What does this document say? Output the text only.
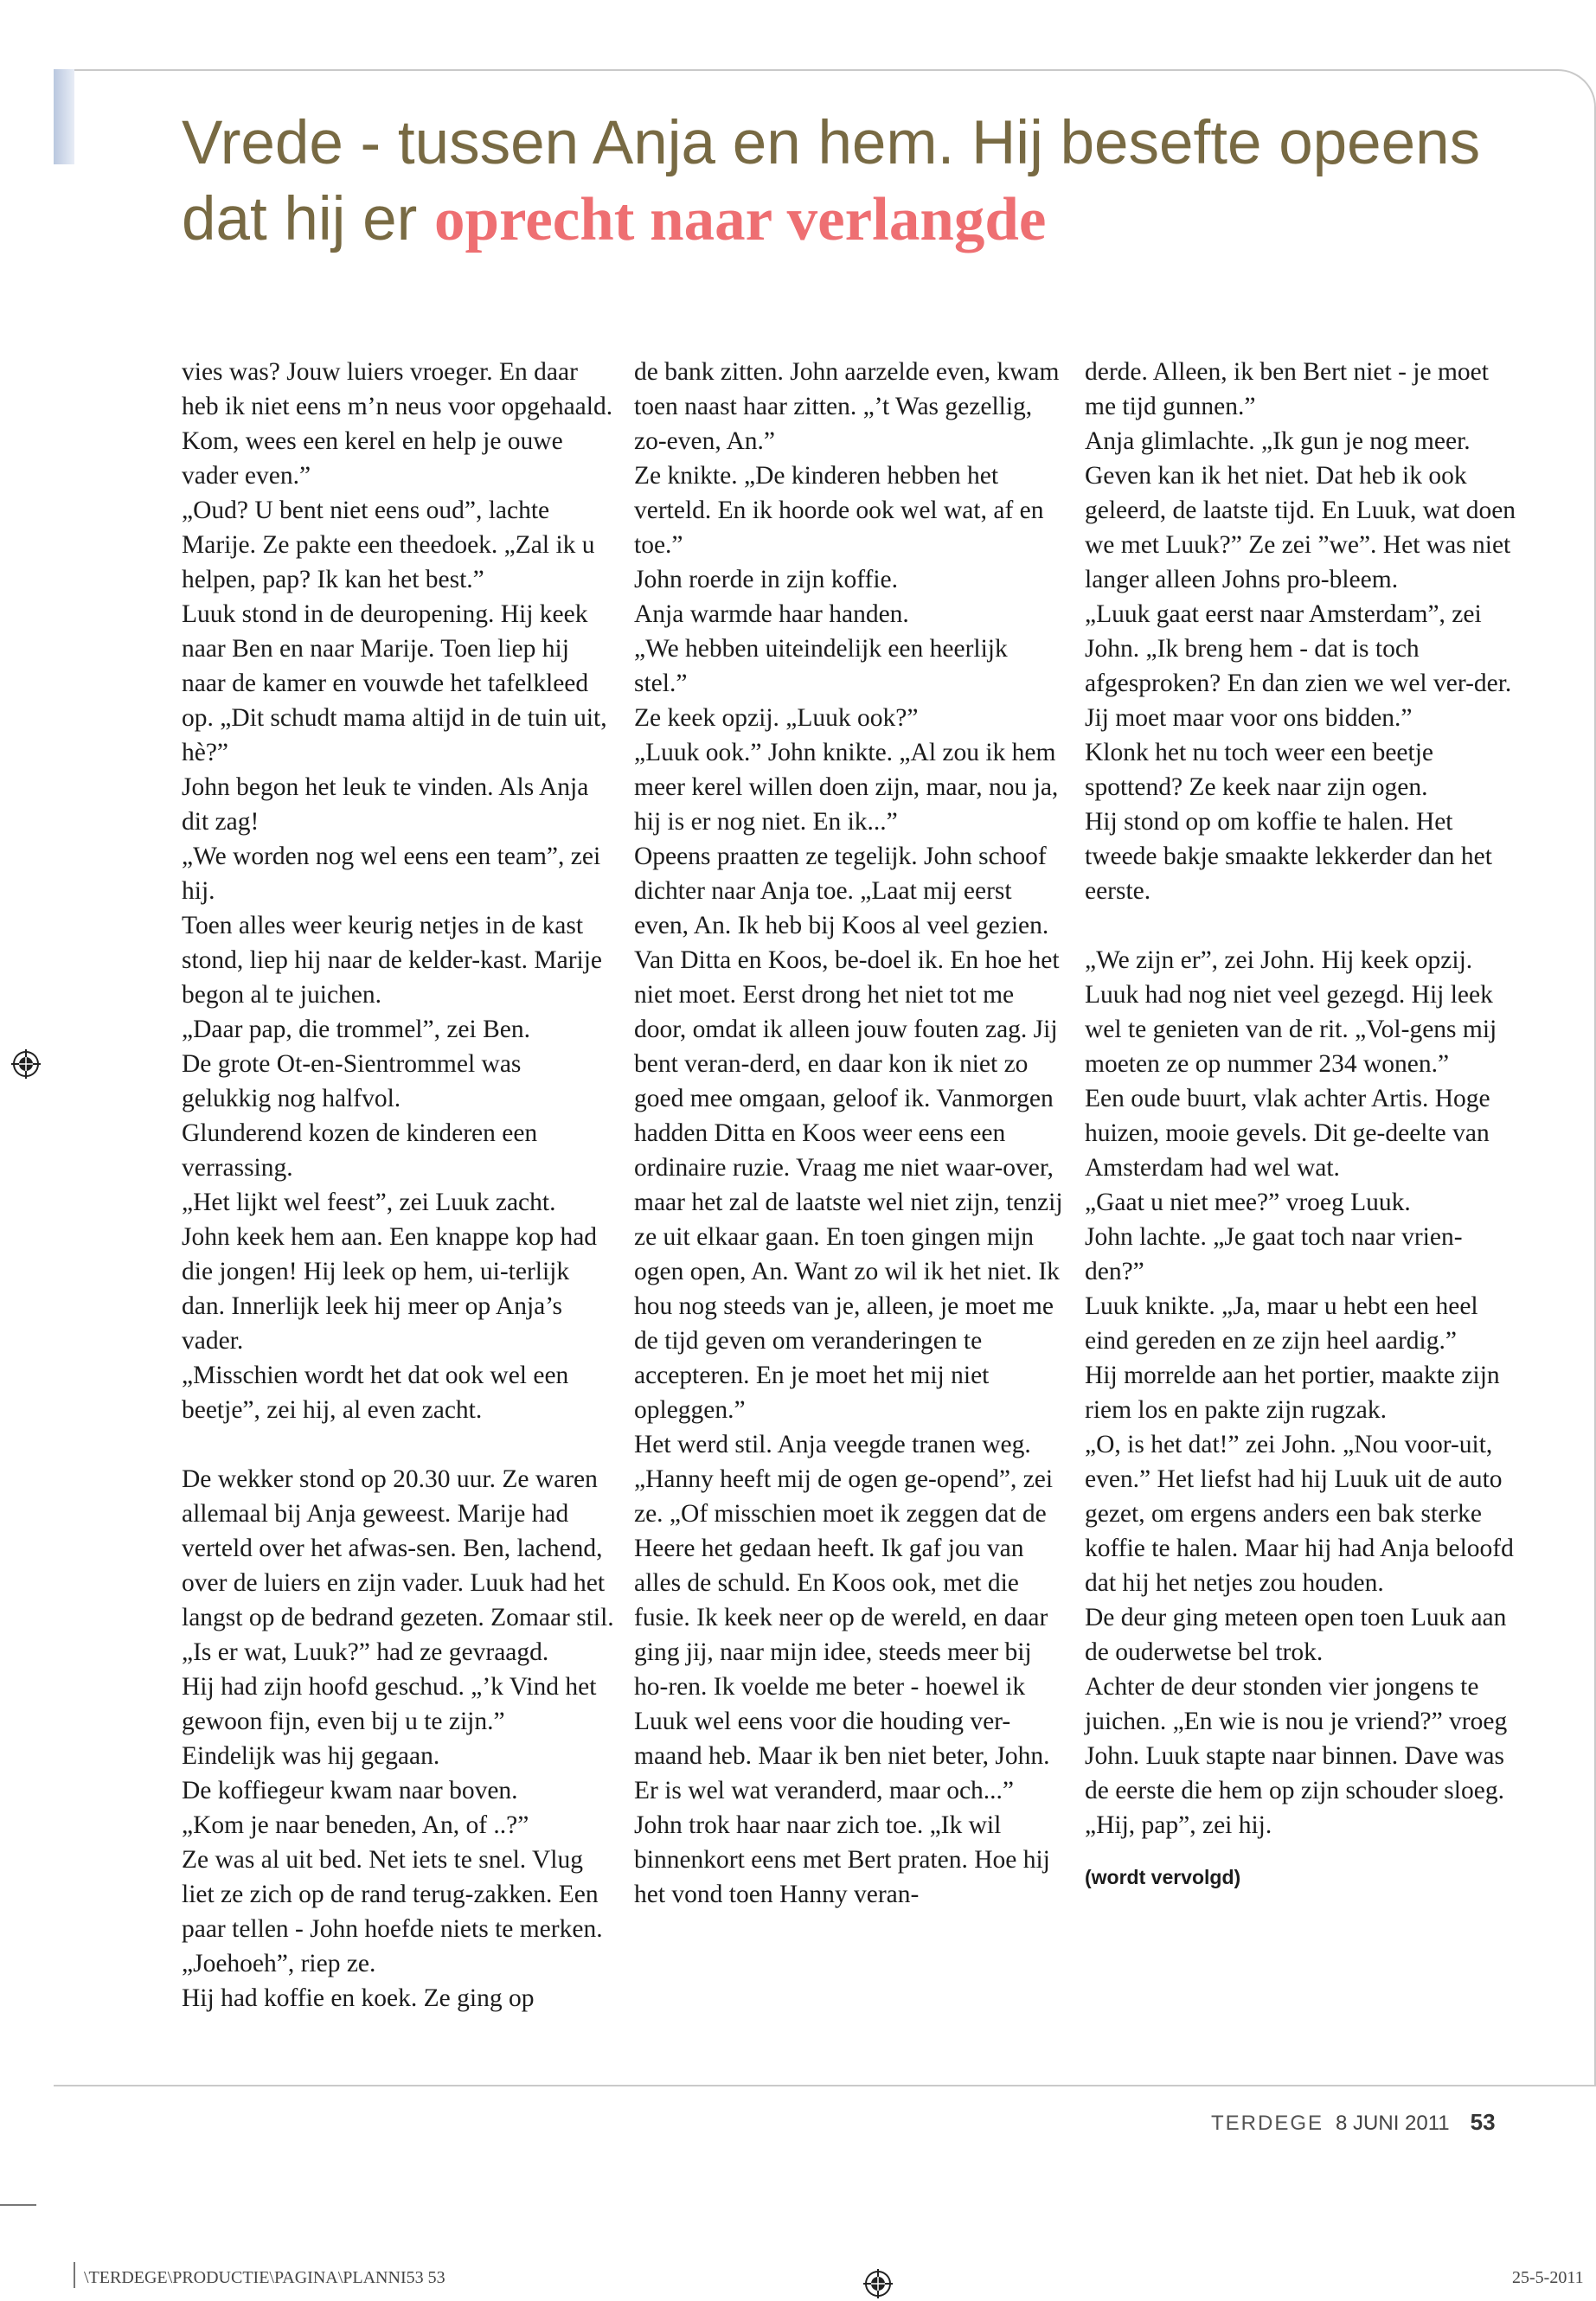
Vrede - tussen Anja en hem. Hij besefte opeens
dat hij er oprecht naar verlangde

vies was? Jouw luiers vroeger. En daar heb ik niet eens m’n neus voor opgehaald. Kom, wees een kerel en help je ouwe vader even.”

„Oud? U bent niet eens oud”, lachte Marije. Ze pakte een theedoek. „Zal ik u helpen, pap? Ik kan het best.”

Luuk stond in de deuropening. Hij keek naar Ben en naar Marije. Toen liep hij naar de kamer en vouwde het tafelkleed op. „Dit schudt mama altijd in de tuin uit, hè?”

John begon het leuk te vinden. Als Anja dit zag!

„We worden nog wel eens een team”, zei hij.

Toen alles weer keurig netjes in de kast stond, liep hij naar de kelder-kast. Marije begon al te juichen.

„Daar pap, die trommel”, zei Ben.

De grote Ot-en-Sientrommel was gelukkig nog halfvol.

Glunderend kozen de kinderen een verrassing.

„Het lijkt wel feest”, zei Luuk zacht.

John keek hem aan. Een knappe kop had die jongen! Hij leek op hem, ui-terlijk dan. Innerlijk leek hij meer op Anja’s vader.

„Misschien wordt het dat ook wel een beetje”, zei hij, al even zacht.

De wekker stond op 20.30 uur. Ze waren allemaal bij Anja geweest. Marije had verteld over het afwas-sen. Ben, lachend, over de luiers en zijn vader. Luuk had het langst op de bedrand gezeten. Zomaar stil.

„Is er wat, Luuk?” had ze gevraagd.

Hij had zijn hoofd geschud. „’k Vind het gewoon fijn, even bij u te zijn.”

Eindelijk was hij gegaan.

De koffiegeur kwam naar boven.

„Kom je naar beneden, An, of ..?”

Ze was al uit bed. Net iets te snel. Vlug liet ze zich op de rand terug-zakken. Een paar tellen - John hoefde niets te merken. „Joehoeh”, riep ze.

Hij had koffie en koek. Ze ging op

de bank zitten. John aarzelde even, kwam toen naast haar zitten. „’t Was gezellig, zo-even, An.”

Ze knikte. „De kinderen hebben het verteld. En ik hoorde ook wel wat, af en toe.”

John roerde in zijn koffie.

Anja warmde haar handen.

„We hebben uiteindelijk een heerlijk stel.”

Ze keek opzij. „Luuk ook?”

„Luuk ook.” John knikte. „Al zou ik hem meer kerel willen doen zijn, maar, nou ja, hij is er nog niet. En ik...”

Opeens praatten ze tegelijk. John schoof dichter naar Anja toe. „Laat mij eerst even, An. Ik heb bij Koos al veel gezien. Van Ditta en Koos, be-doel ik. En hoe het niet moet. Eerst drong het niet tot me door, omdat ik alleen jouw fouten zag. Jij bent veran-derd, en daar kon ik niet zo goed mee omgaan, geloof ik. Vanmorgen hadden Ditta en Koos weer eens een ordinaire ruzie. Vraag me niet waar-over, maar het zal de laatste wel niet zijn, tenzij ze uit elkaar gaan. En toen gingen mijn ogen open, An. Want zo wil ik het niet. Ik hou nog steeds van je, alleen, je moet me de tijd geven om veranderingen te accepteren. En je moet het mij niet opleggen.”

Het werd stil. Anja veegde tranen weg. „Hanny heeft mij de ogen ge-opend”, zei ze. „Of misschien moet ik zeggen dat de Heere het gedaan heeft. Ik gaf jou van alles de schuld. En Koos ook, met die fusie. Ik keek neer op de wereld, en daar ging jij, naar mijn idee, steeds meer bij ho-ren. Ik voelde me beter - hoewel ik Luuk wel eens voor die houding ver-maand heb. Maar ik ben niet beter, John. Er is wel wat veranderd, maar och...”

John trok haar naar zich toe. „Ik wil binnenkort eens met Bert praten. Hoe hij het vond toen Hanny veran-

derde. Alleen, ik ben Bert niet - je moet me tijd gunnen.”

Anja glimlachte. „Ik gun je nog meer. Geven kan ik het niet. Dat heb ik ook geleerd, de laatste tijd. En Luuk, wat doen we met Luuk?” Ze zei ”we”. Het was niet langer alleen Johns pro-bleem.

„Luuk gaat eerst naar Amsterdam”, zei John. „Ik breng hem - dat is toch afgesproken? En dan zien we wel ver-der. Jij moet maar voor ons bidden.”

Klonk het nu toch weer een beetje spottend? Ze keek naar zijn ogen.

Hij stond op om koffie te halen. Het tweede bakje smaakte lekkerder dan het eerste.

„We zijn er”, zei John. Hij keek opzij. Luuk had nog niet veel gezegd. Hij leek wel te genieten van de rit. „Vol-gens mij moeten ze op nummer 234 wonen.”

Een oude buurt, vlak achter Artis. Hoge huizen, mooie gevels. Dit ge-deelte van Amsterdam had wel wat.

„Gaat u niet mee?” vroeg Luuk.

John lachte. „Je gaat toch naar vrien-den?”

Luuk knikte. „Ja, maar u hebt een heel eind gereden en ze zijn heel aardig.”

Hij morrelde aan het portier, maakte zijn riem los en pakte zijn rugzak.

„O, is het dat!” zei John. „Nou voor-uit, even.” Het liefst had hij Luuk uit de auto gezet, om ergens anders een bak sterke koffie te halen. Maar hij had Anja beloofd dat hij het netjes zou houden.

De deur ging meteen open toen Luuk aan de ouderwetse bel trok.

Achter de deur stonden vier jongens te juichen. „En wie is nou je vriend?” vroeg John. Luuk stapte naar binnen. Dave was de eerste die hem op zijn schouder sloeg. „Hij, pap”, zei hij.

(wordt vervolgd)

TERDEGE 8 JUNI 2011 53
\TERDEGE\PRODUCTIE\PAGINA\PLANNI53 53	25-5-2011
